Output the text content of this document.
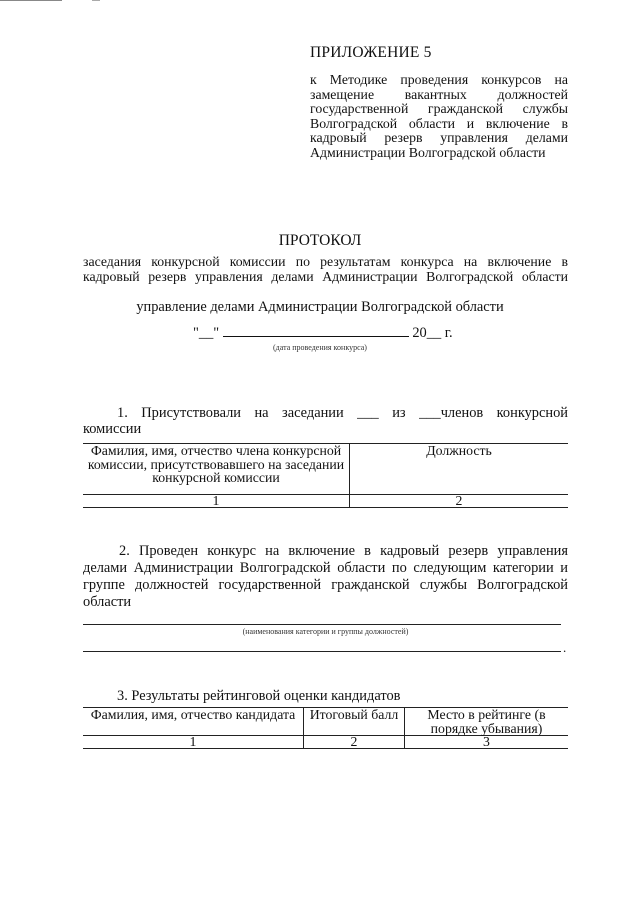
ПРИЛОЖЕНИЕ 5
к Методике проведения конкурсов на замещение вакантных должностей государственной гражданской службы Волгоградской области и включение в кадровый резерв управления делами Администрации Волгоградской области
ПРОТОКОЛ
заседания конкурсной комиссии по результатам конкурса на включение в кадровый резерв управления делами Администрации Волгоградской области
управление делами Администрации Волгоградской области
"__"	20__ г.
(дата проведения конкурса)
1. Присутствовали на заседании ___ из ___членов конкурсной
комиссии
Фамилия, имя, отчество члена конкурсной комиссии, присутствовавшего на заседании конкурсной комиссии	Должность
1	2
2. Проведен конкурс на включение в кадровый резерв управления делами Администрации Волгоградской области по следующим категории и группе должностей государственной гражданской службы Волгоградской области
(наименования категории и группы должностей)
.
3. Результаты рейтинговой оценки кандидатов
Фамилия, имя, отчество кандидата	Итоговый балл	Место в рейтинге (в порядке убывания)
1	2	3
